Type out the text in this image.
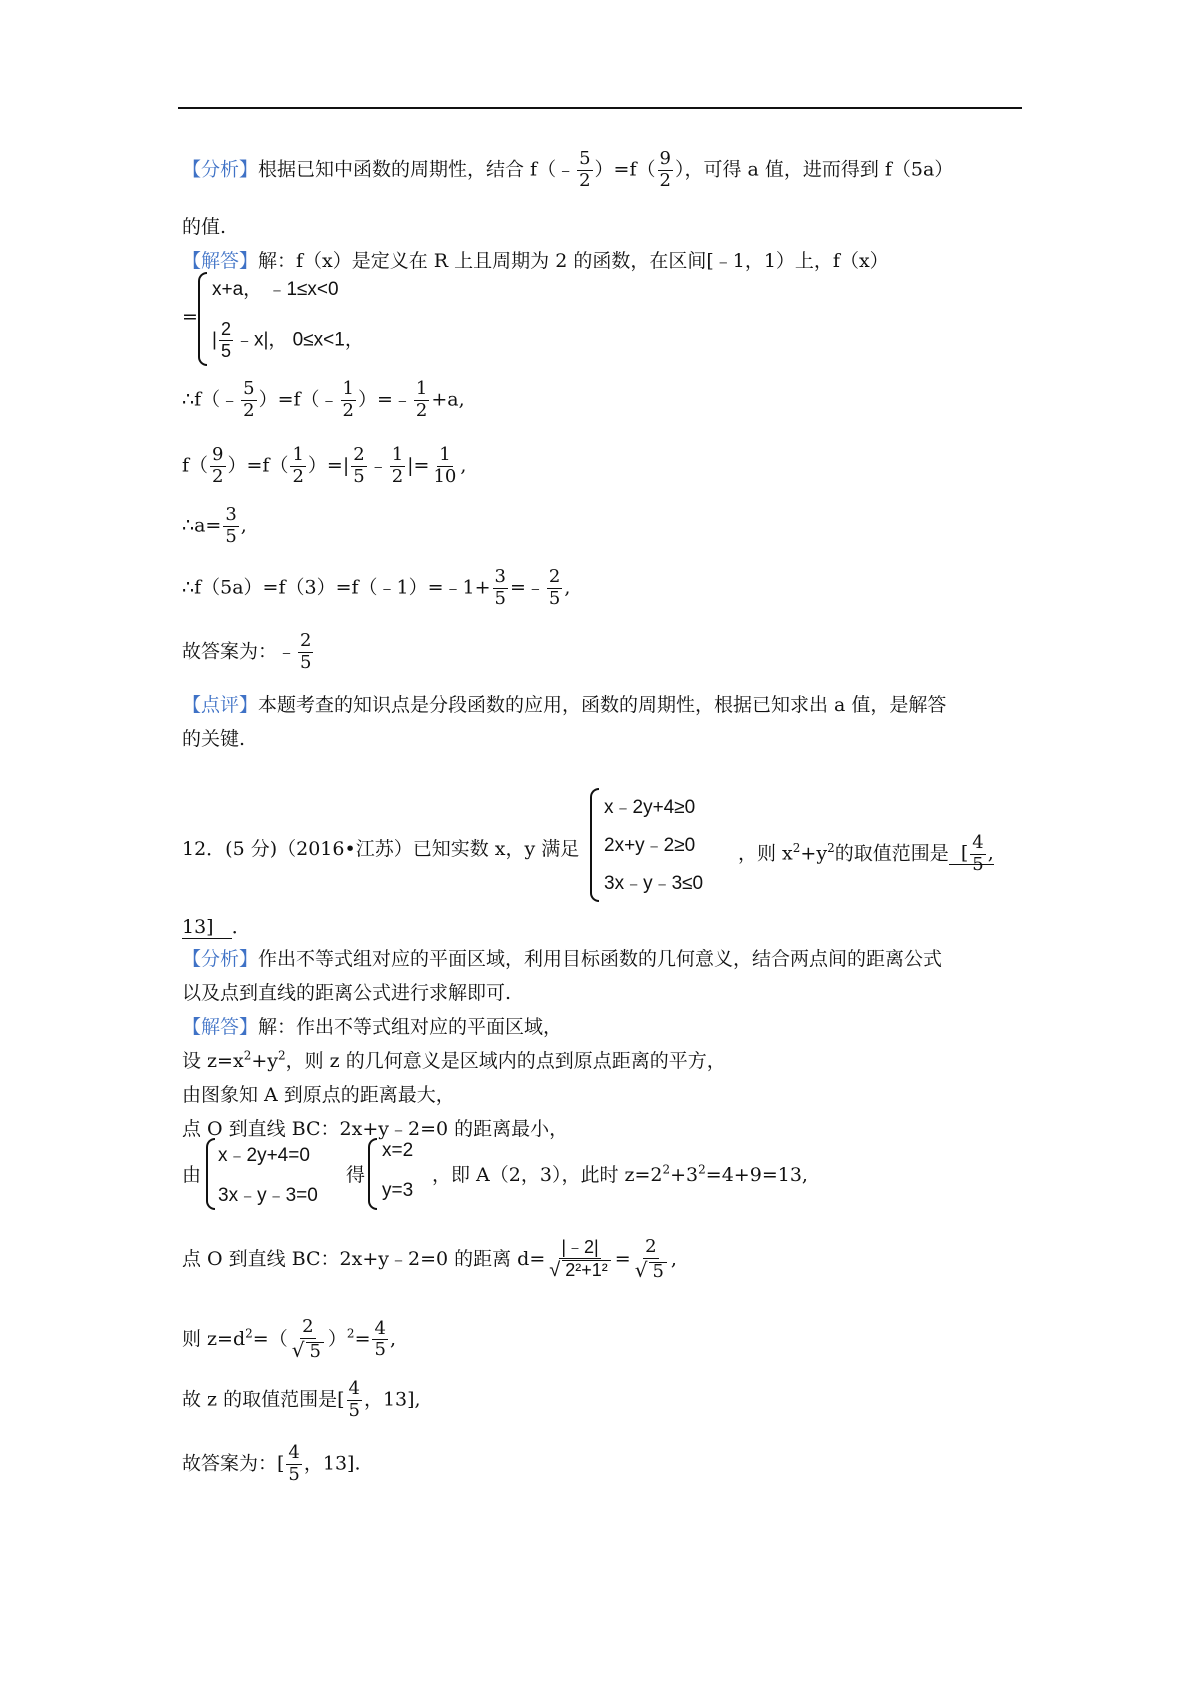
【分析】根据已知中函数的周期性，结合 f（﹣ $\frac{5}{2} )=f( \frac{9}{2}$ ），可得 a 值，进而得到 f（5a）
的值.
【解答】解：f（x）是定义在 R 上且周期为 2 的函数，在区间[﹣1，1）上，f（x）
=
x+a， ﹣1≤x<0
| $\frac{2}{5}$ ﹣x|， 0≤x<1，
∴f（﹣ $\frac{5}{2}$ ）=f（﹣ $\frac{1}{2}$ ）=﹣ $\frac{1}{2} +a$,
$f( \frac{9}{2} )=f( \frac{1}{2}$ ）=| $\frac{2}{5}$ ﹣ $\frac{1}{2}$ |= $\frac{1}{10}$ ,
∴a= $\frac{3}{5}$ ,
∴f（5a）=f（3）=f（﹣1）=﹣1+ $\frac{3}{5}$ =﹣ $\frac{2}{5}$ ,
故答案为：﹣ $\frac{2}{5}$
【点评】本题考查的知识点是分段函数的应用，函数的周期性，根据已知求出 a 值，是解答
的关键.
12．(5 分)（2016•江苏）已知实数 x，y 满足
x﹣2y+4≥0
2x+y﹣2≥0
3x﹣y﹣3≤0
，则 $x^2+y^2$的取值范围是 [ $\frac{4}{5}$ ,
13] ．
【分析】作出不等式组对应的平面区域，利用目标函数的几何意义，结合两点间的距离公式
以及点到直线的距离公式进行求解即可.
【解答】解：作出不等式组对应的平面区域，
设 $z=x^2+y^2$，则 z 的几何意义是区域内的点到原点距离的平方，
由图象知 A 到原点的距离最大，
点 O 到直线 BC：2x+y﹣2=0 的距离最小，
由
x﹣2y+4=0
3x﹣y﹣3=0
得
x=2
y=3
，即 A（2，3），此时 $z=2^2+3^2=4+9=13$,
点 O 到直线 BC：2x+y﹣2=0 的距离 $d= \frac{|﹣2|}{\text{√ 2²+1²}} = \frac{2}{√ 5}$ ,
则 $z=d^2=( \frac{2}{√ 5} )^2= \frac{4}{5}$ ,
故 z 的取值范围是[ $\frac{4}{5}$ ，13],
故答案为：[ $\frac{4}{5}$ ，13].
